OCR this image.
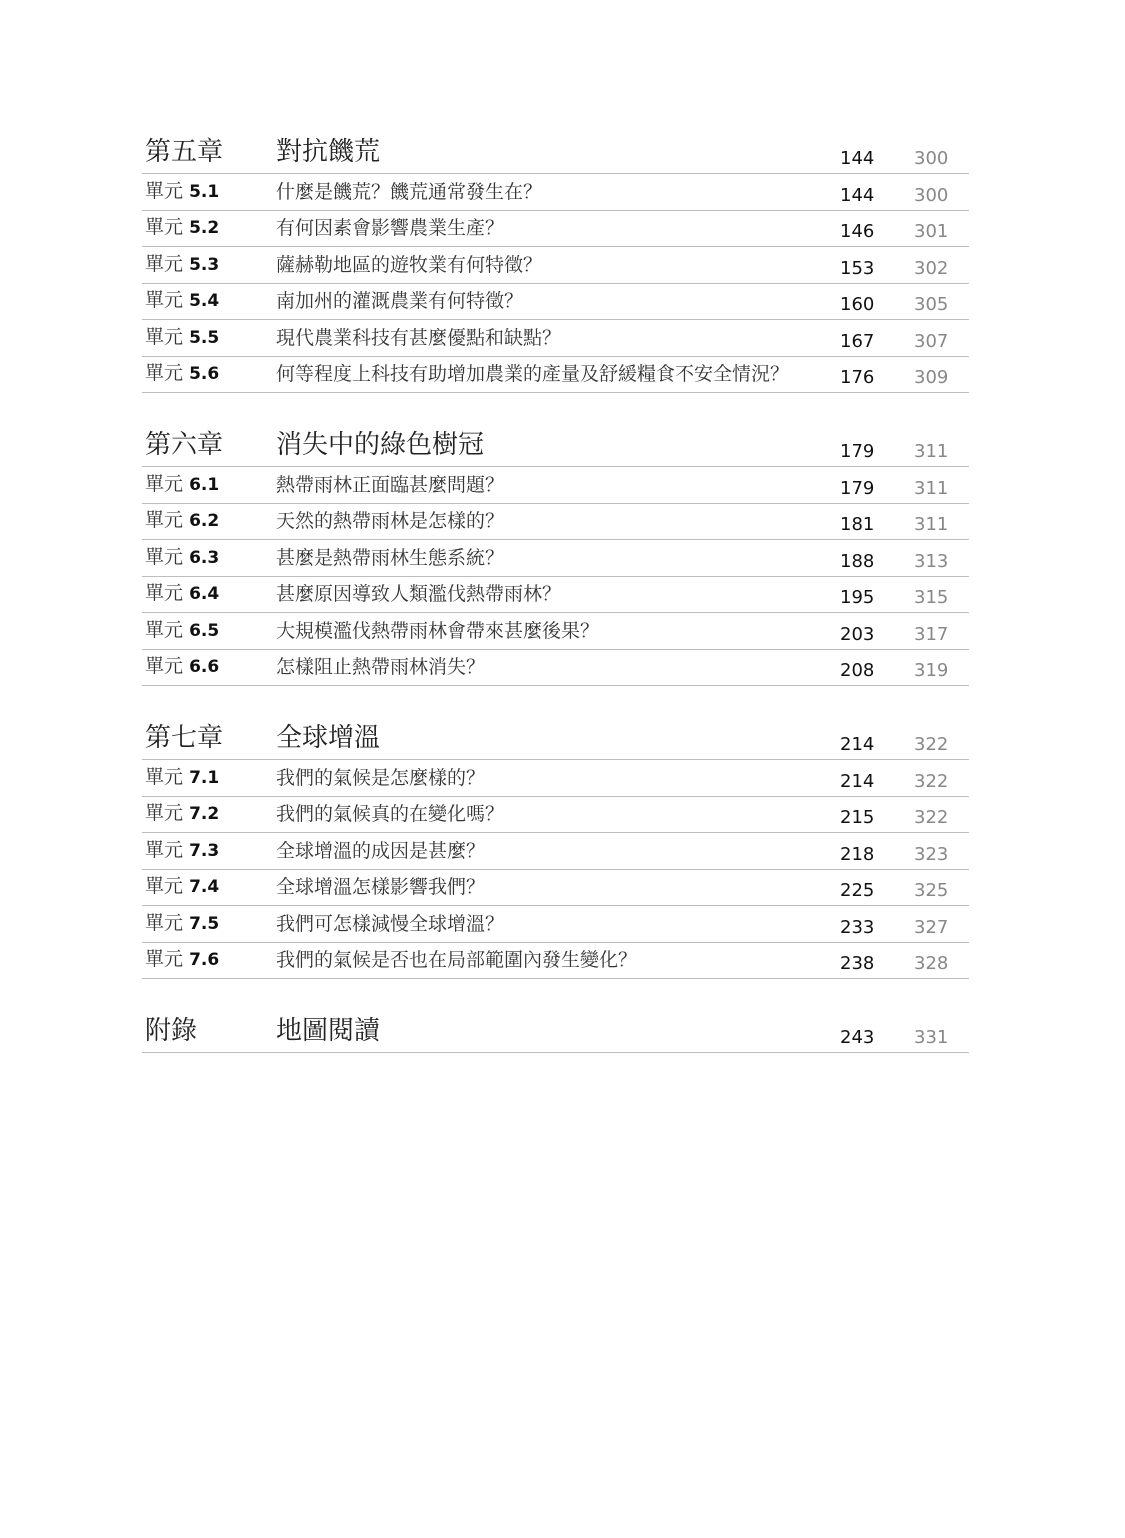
第五章	對抗饑荒	144	300
單元 5.1	什麼是饑荒？饑荒通常發生在？	144	300
單元 5.2	有何因素會影響農業生產？	146	301
單元 5.3	薩赫勒地區的遊牧業有何特徵？	153	302
單元 5.4	南加州的灌溉農業有何特徵？	160	305
單元 5.5	現代農業科技有甚麼優點和缺點？	167	307
單元 5.6	何等程度上科技有助增加農業的產量及舒緩糧食不安全情況？	176	309
第六章	消失中的綠色樹冠	179	311
單元 6.1	熱帶雨林正面臨甚麼問題？	179	311
單元 6.2	天然的熱帶雨林是怎樣的？	181	311
單元 6.3	甚麼是熱帶雨林生態系統？	188	313
單元 6.4	甚麼原因導致人類濫伐熱帶雨林？	195	315
單元 6.5	大規模濫伐熱帶雨林會帶來甚麼後果？	203	317
單元 6.6	怎樣阻止熱帶雨林消失？	208	319
第七章	全球增溫	214	322
單元 7.1	我們的氣候是怎麼樣的？	214	322
單元 7.2	我們的氣候真的在變化嗎？	215	322
單元 7.3	全球增溫的成因是甚麼？	218	323
單元 7.4	全球增溫怎樣影響我們？	225	325
單元 7.5	我們可怎樣減慢全球增溫？	233	327
單元 7.6	我們的氣候是否也在局部範圍內發生變化？	238	328
附錄	地圖閱讀	243	331
